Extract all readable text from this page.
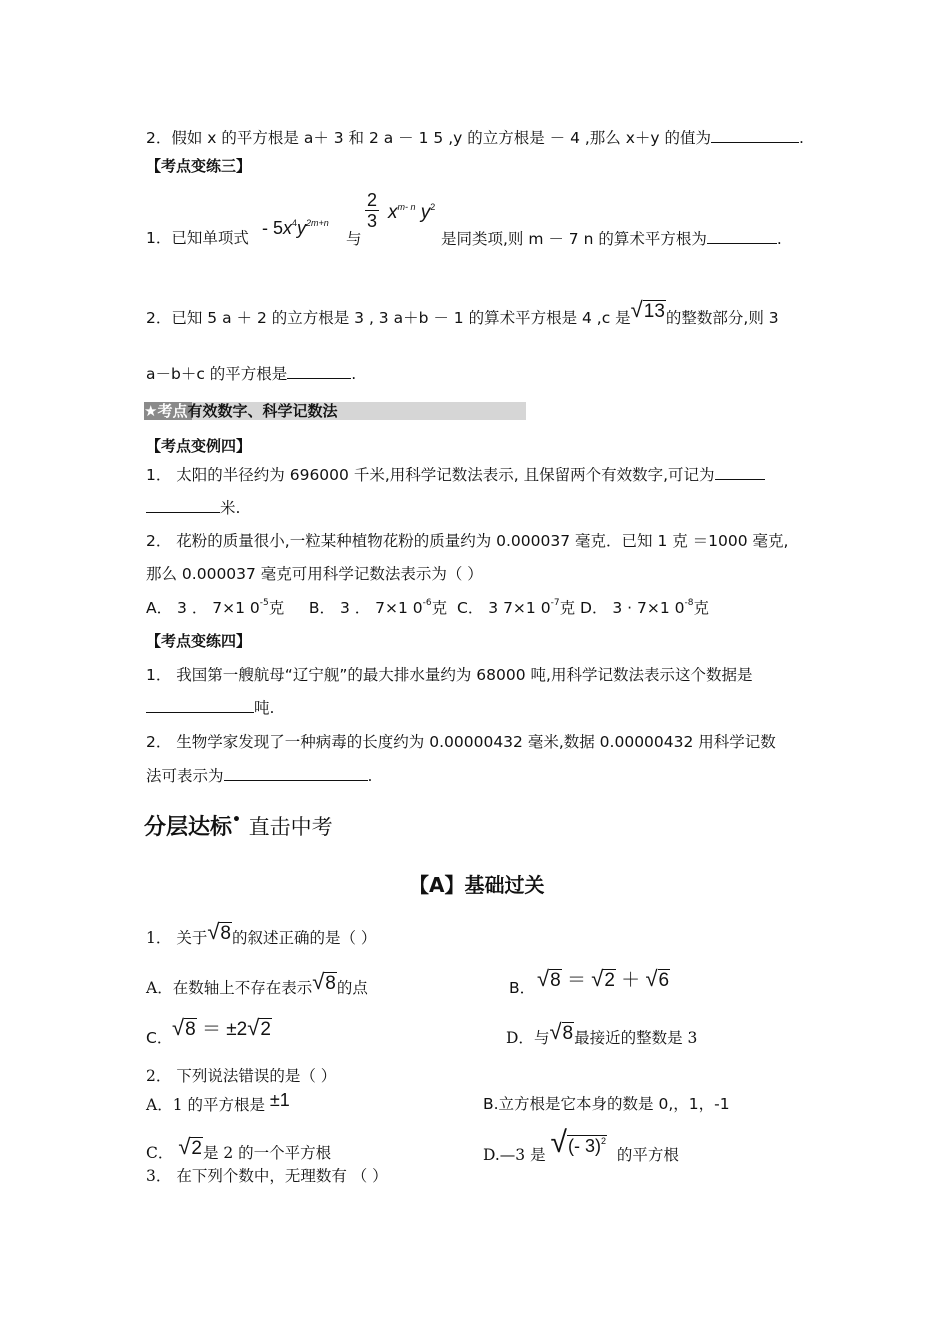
2．假如 x 的平方根是 a＋ 3 和 2 a － 1 5 ,y 的立方根是 － 4 ,那么 x＋y 的值为	.
【考点变练三】
1．已知单项式 - $5x^4y^{2m+n}$
与
$\frac{2}{3} x^{m- n}$ $y^2$
是同类项,则 m － 7 n 的算术平方根为	.
2．已知 5 a ＋ 2 的立方根是 3 , 3 a＋b － 1 的算术平方根是 4 ,c 是√13的整数部分,则 3
a－b＋c 的平方根是	.
★考点有效数字、科学记数法
【考点变例四】
1． 太阳的半径约为 696000 千米,用科学记数法表示, 且保留两个有效数字,可记为
米.
2． 花粉的质量很小,一粒某种植物花粉的质量约为 0.000037 毫克．已知 1 克 ＝1000 毫克,
那么 0.000037 毫克可用科学记数法表示为（ ）
A． 3 ． 7×1 $0^{-5}$克 B． 3 ． 7×1 $0^{-6}$克 C． 3 7×1 $0^{-7}$克 D． 3 · 7×1 $0^{-8}$克
【考点变练四】
1． 我国第一艘航母“辽宁舰”的最大排水量约为 68000 吨,用科学记数法表示这个数据是
吨.
2． 生物学家发现了一种病毒的长度约为 0.00000432 毫米,数据 0.00000432 用科学记数
法可表示为	.
分层达标• 直击中考
【A】基础过关
1． 关于√8的叙述正确的是（ ）
A．在数轴上不存在表示√8的点	B． √8 ＝ √2 ＋ √6
C． √8 ＝ ±2√2	D．与√8最接近的整数是 3
2． 下列说法错误的是（ ）
A．1 的平方根是 ±1	B.立方根是它本身的数是 0,，1，-1
C． √2是 2 的一个平方根	D.—3 是 √(- 3)$^2$  的平方根
3． 在下列个数中，无理数有 （ ）
